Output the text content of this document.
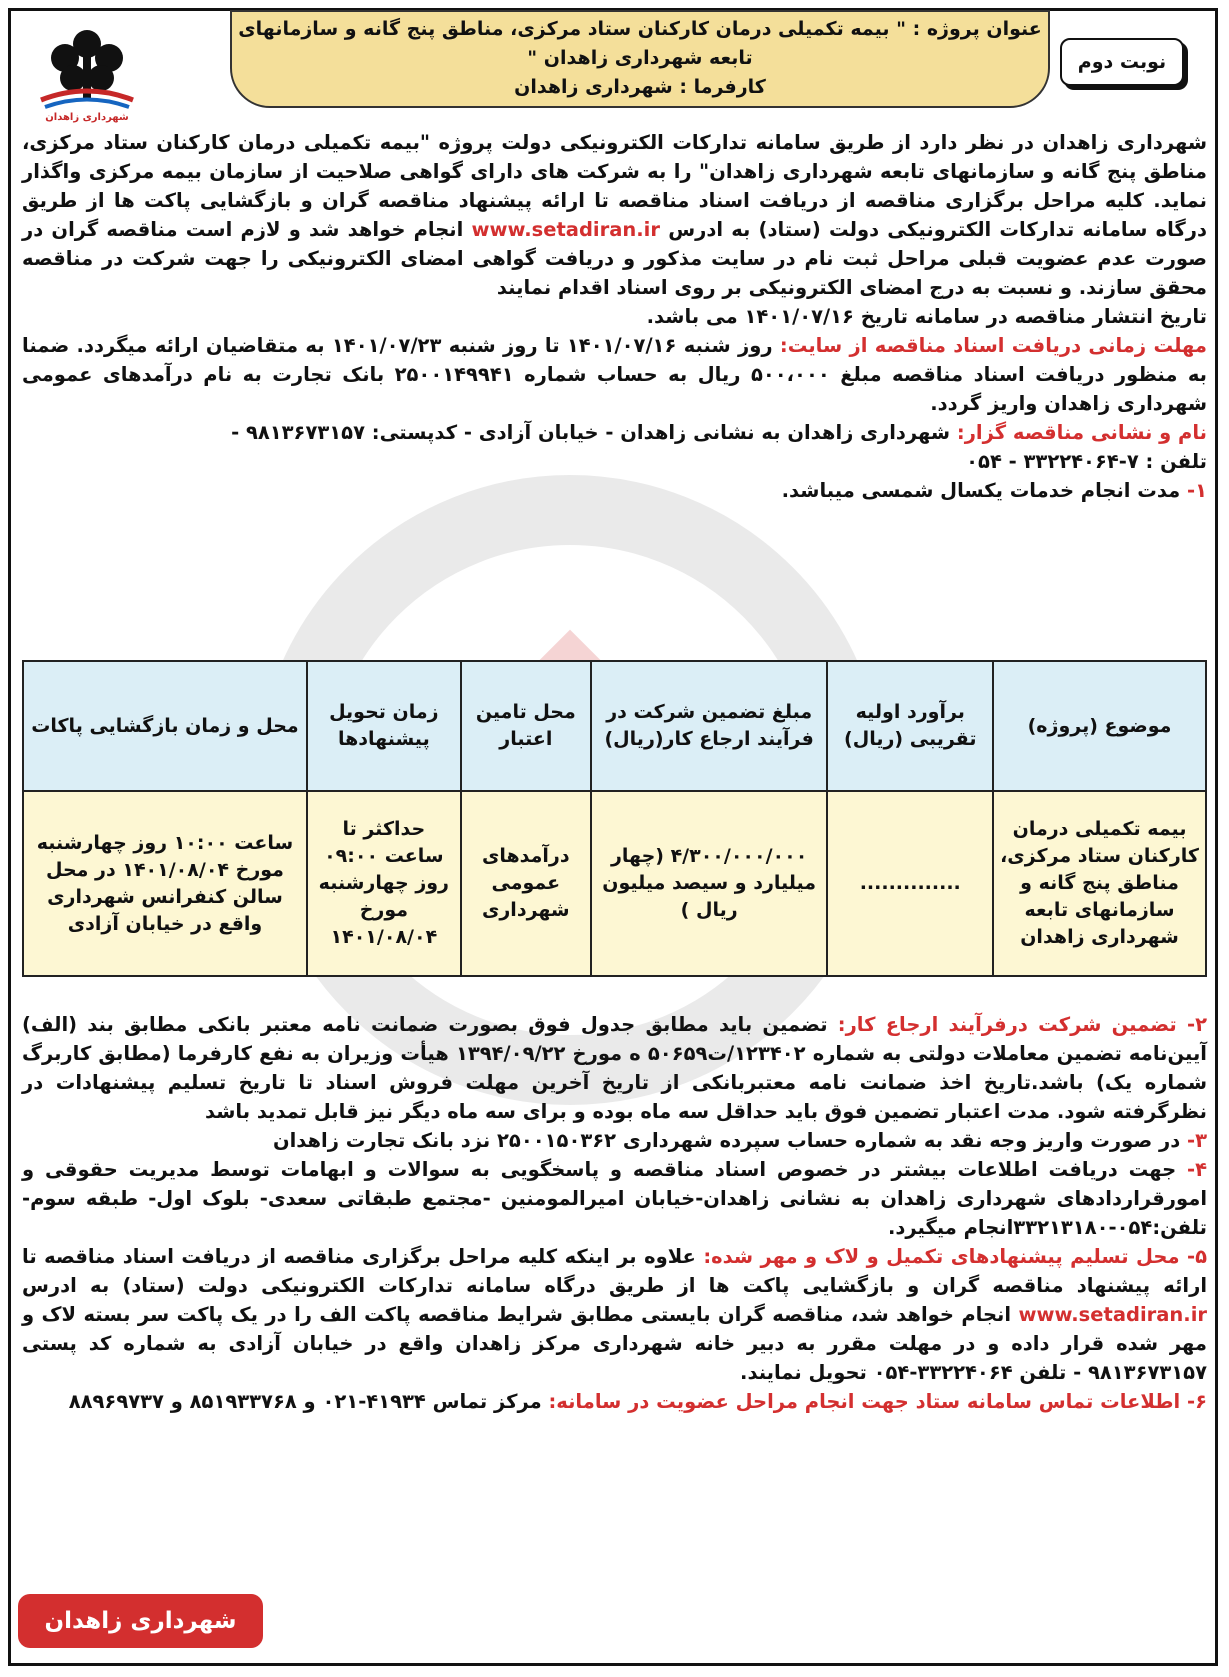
عنوان پروژه : " بیمه تکمیلی درمان کارکنان ستاد مرکزی، مناطق پنج گانه و سازمانهای
تابعه شهرداری زاهدان "
کارفرما : شهرداری زاهدان
شهرداری زاهدان
نوبت دوم

شهرداری زاهدان در نظر دارد از طریق سامانه تدارکات الکترونیکی دولت پروژه "بیمه تکمیلی درمان کارکنان ستاد مرکزی، مناطق پنج گانه و سازمانهای تابعه شهرداری زاهدان" را به شرکت های دارای گواهی صلاحیت از سازمان بیمه مرکزی واگذار نماید. کلیه مراحل برگزاری مناقصه از دریافت اسناد مناقصه تا ارائه پیشنهاد مناقصه گران و بازگشایی پاکت ها از طریق درگاه سامانه تدارکات الکترونیکی دولت (ستاد) به ادرس www.setadiran.ir انجام خواهد شد و لازم است مناقصه گران در صورت عدم عضویت قبلی مراحل ثبت نام در سایت مذکور و دریافت گواهی امضای الکترونیکی را جهت شرکت در مناقصه محقق سازند. و نسبت به درج امضای الکترونیکی بر روی اسناد اقدام نمایند

تاریخ انتشار مناقصه در سامانه تاریخ ۱۴۰۱/۰۷/۱۶ می باشد.

مهلت زمانی دریافت اسناد مناقصه از سایت: روز شنبه ۱۴۰۱/۰۷/۱۶ تا روز شنبه ۱۴۰۱/۰۷/۲۳ به متقاضیان ارائه میگردد. ضمنا به منظور دریافت اسناد مناقصه مبلغ ۵۰۰،۰۰۰ ریال به حساب شماره ۲۵۰۰۱۴۹۹۴۱ بانک تجارت به نام درآمدهای عمومی شهرداری زاهدان واریز گردد.

نام و نشانی مناقصه گزار: شهرداری زاهدان به نشانی زاهدان - خیابان آزادی - کدپستی: ۹۸۱۳۶۷۳۱۵۷ -

تلفن : ۷-۳۳۲۲۴۰۶۴ - ۰۵۴

۱- مدت انجام خدمات یکسال شمسی میباشد.

موضوع (پروژه)	برآورد اولیه تقریبی (ریال)	مبلغ تضمین شرکت در فرآیند ارجاع کار(ریال)	محل تامین اعتبار	زمان تحویل پیشنهادها	محل و زمان بازگشایی پاکات
بیمه تکمیلی درمان کارکنان ستاد مرکزی، مناطق پنج گانه و سازمانهای تابعه شهرداری زاهدان	..............	۴/۳۰۰/۰۰۰/۰۰۰ (چهار میلیارد و سیصد میلیون ریال )	درآمدهای عمومی شهرداری	حداکثر تا ساعت ۰۹:۰۰ روز چهارشنبه مورخ ۱۴۰۱/۰۸/۰۴	ساعت ۱۰:۰۰ روز چهارشنبه مورخ ۱۴۰۱/۰۸/۰۴ در محل سالن کنفرانس شهرداری واقع در خیابان آزادی

۲- تضمین شرکت درفرآیند ارجاع کار: تضمین باید مطابق جدول فوق بصورت ضمانت نامه معتبر بانکی مطابق بند (الف) آیین‌نامه تضمین معاملات دولتی به شماره ۱۲۳۴۰۲/ت۵۰۶۵۹ ه مورخ ۱۳۹۴/۰۹/۲۲ هیأت وزیران به نفع کارفرما (مطابق کاربرگ شماره یک) باشد.تاریخ اخذ ضمانت نامه معتبربانکی از تاریخ آخرین مهلت فروش اسناد تا تاریخ تسلیم پیشنهادات در نظرگرفته شود. مدت اعتبار تضمین فوق باید حداقل سه ماه بوده و برای سه ماه دیگر نیز قابل تمدید باشد

۳- در صورت واریز وجه نقد به شماره حساب سپرده شهرداری ۲۵۰۰۱۵۰۳۶۲ نزد بانک تجارت زاهدان

۴- جهت دریافت اطلاعات بیشتر در خصوص اسناد مناقصه و پاسخگویی به سوالات و ابهامات توسط مدیریت حقوقی و امورقراردادهای شهرداری زاهدان به نشانی زاهدان-خیابان امیرالمومنین -مجتمع طبقاتی سعدی- بلوک اول- طبقه سوم- تلفن:۰۵۴-۳۳۲۱۳۱۸۰انجام میگیرد.

۵- محل تسلیم پیشنهادهای تکمیل و لاک و مهر شده: علاوه بر اینکه کلیه مراحل برگزاری مناقصه از دریافت اسناد مناقصه تا ارائه پیشنهاد مناقصه گران و بازگشایی پاکت ها از طریق درگاه سامانه تدارکات الکترونیکی دولت (ستاد) به ادرس www.setadiran.ir انجام خواهد شد، مناقصه گران بایستی مطابق شرایط مناقصه پاکت الف را در یک پاکت سر بسته لاک و مهر شده قرار داده و در مهلت مقرر به دبیر خانه شهرداری مرکز زاهدان واقع در خیابان آزادی به شماره کد پستی ۹۸۱۳۶۷۳۱۵۷ - تلفن ۳۳۲۲۴۰۶۴-۰۵۴ تحویل نمایند.

۶- اطلاعات تماس سامانه ستاد جهت انجام مراحل عضویت در سامانه: مرکز تماس ۴۱۹۳۴-۰۲۱ و ۸۵۱۹۳۳۷۶۸ و ۸۸۹۶۹۷۳۷

شهرداری زاهدان
